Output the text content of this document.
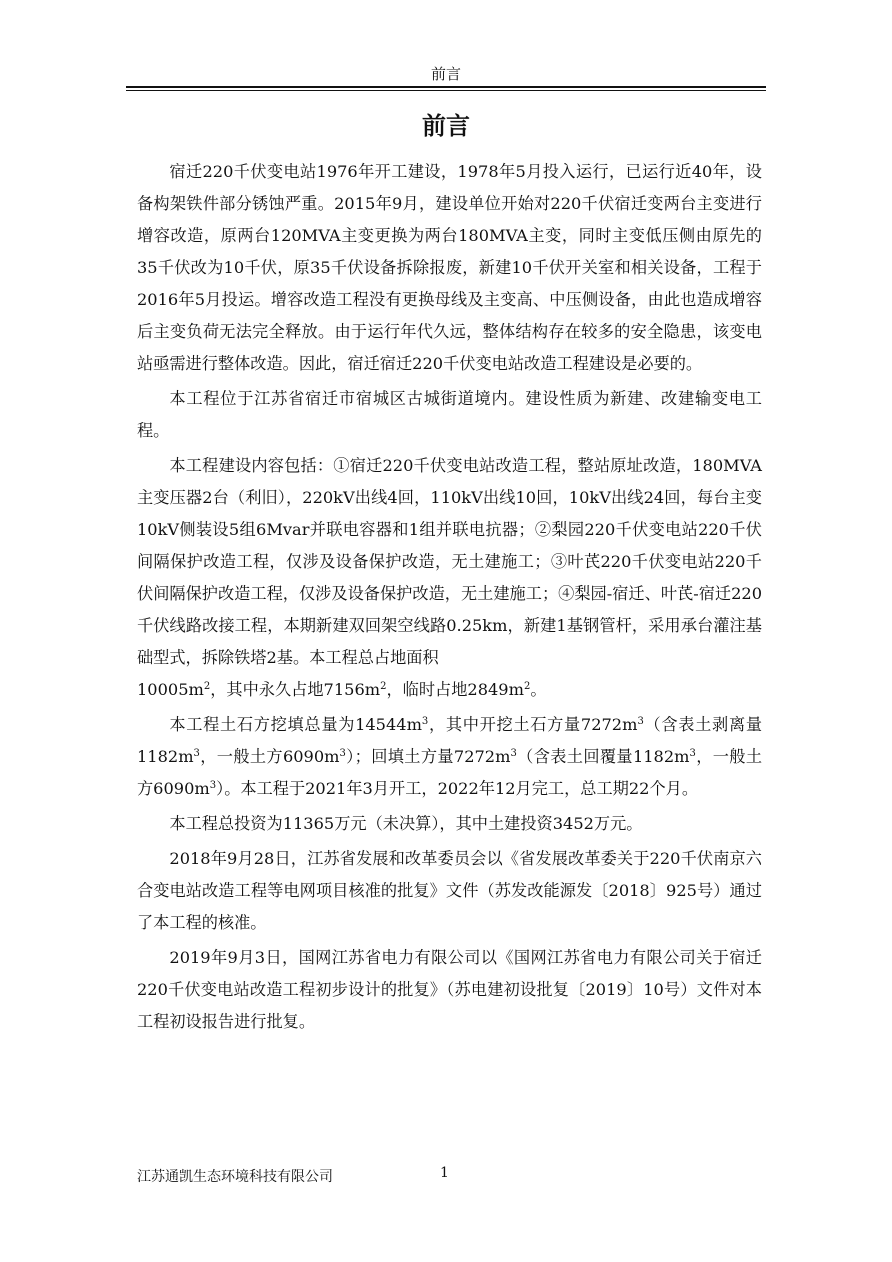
前言
前言

宿迁220千伏变电站1976年开工建设，1978年5月投入运行，已运行近40年，设备构架铁件部分锈蚀严重。2015年9月，建设单位开始对220千伏宿迁变两台主变进行增容改造，原两台120MVA主变更换为两台180MVA主变，同时主变低压侧由原先的35千伏改为10千伏，原35千伏设备拆除报废，新建10千伏开关室和相关设备，工程于2016年5月投运。增容改造工程没有更换母线及主变高、中压侧设备，由此也造成增容后主变负荷无法完全释放。由于运行年代久远，整体结构存在较多的安全隐患，该变电站亟需进行整体改造。因此，宿迁宿迁220千伏变电站改造工程建设是必要的。

本工程位于江苏省宿迁市宿城区古城街道境内。建设性质为新建、改建输变电工程。

本工程建设内容包括：①宿迁220千伏变电站改造工程，整站原址改造，180MVA主变压器2台（利旧），220kV出线4回，110kV出线10回，10kV出线24回，每台主变10kV侧装设5组6Mvar并联电容器和1组并联电抗器；②梨园220千伏变电站220千伏间隔保护改造工程，仅涉及设备保护改造，无土建施工；③叶芪220千伏变电站220千伏间隔保护改造工程，仅涉及设备保护改造，无土建施工；④梨园-宿迁、叶芪-宿迁220千伏线路改接工程，本期新建双回架空线路0.25km，新建1基钢管杆，采用承台灌注基础型式，拆除铁塔2基。本工程总占地面积

$10005m^2$，其中永久占地$7156m^2$，临时占地$2849m^2$。

本工程土石方挖填总量为$14544m^3$，其中开挖土石方量$7272m^3$（含表土剥离量$1182m^3$，一般土方$6090m^3$）；回填土方量$7272m^3$（含表土回覆量$1182m^3$，一般土方$6090m^3$）。本工程于2021年3月开工，2022年12月完工，总工期22个月。

本工程总投资为11365万元（未决算），其中土建投资3452万元。

2018年9月28日，江苏省发展和改革委员会以《省发展改革委关于220千伏南京六合变电站改造工程等电网项目核准的批复》文件（苏发改能源发〔2018〕925号）通过了本工程的核准。

2019年9月3日，国网江苏省电力有限公司以《国网江苏省电力有限公司关于宿迁220千伏变电站改造工程初步设计的批复》（苏电建初设批复〔2019〕10号）文件对本工程初设报告进行批复。

江苏通凯生态环境科技有限公司	1
